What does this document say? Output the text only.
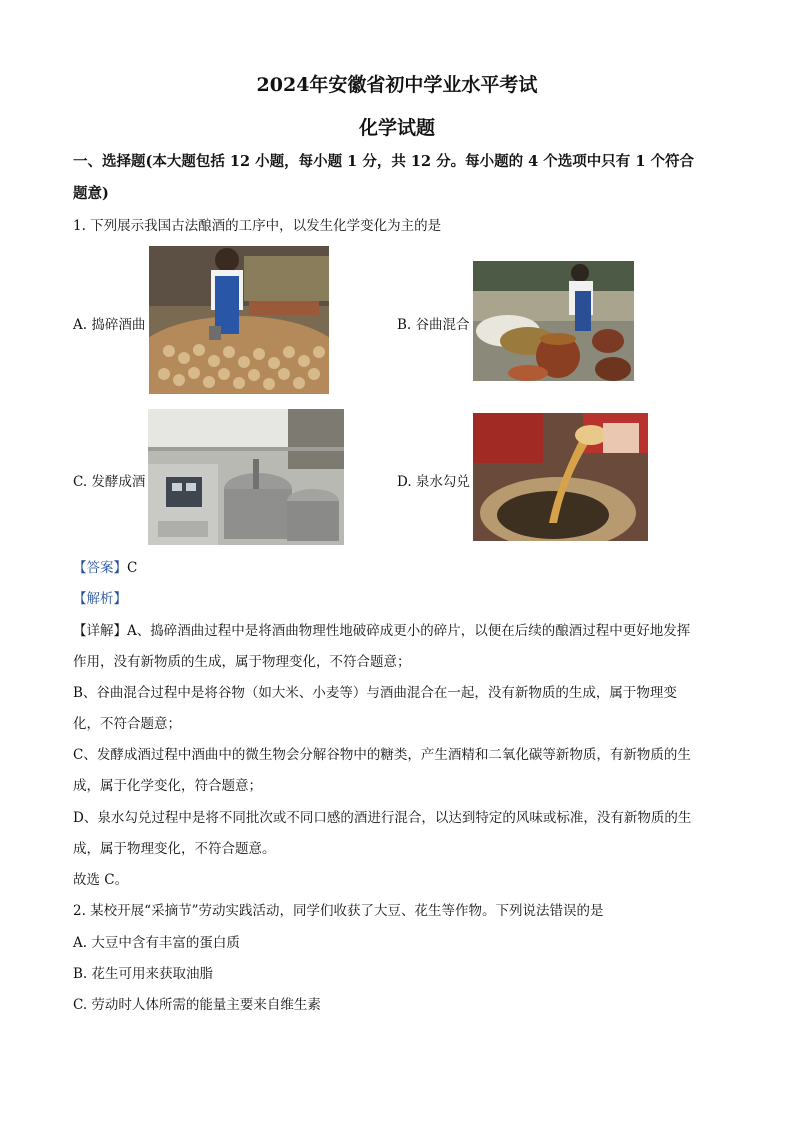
2024年安徽省初中学业水平考试
化学试题
一、选择题(本大题包括 12 小题，每小题 1 分，共 12 分。每小题的 4 个选项中只有 1 个符合
题意)
1. 下列展示我国古法酿酒的工序中，以发生化学变化为主的是
A. 捣碎酒曲	B. 谷曲混合
C. 发酵成酒	D. 泉水勾兑
【答案】C
【解析】
【详解】A、捣碎酒曲过程中是将酒曲物理性地破碎成更小的碎片，以便在后续的酿酒过程中更好地发挥
作用，没有新物质的生成，属于物理变化，不符合题意；
B、谷曲混合过程中是将谷物（如大米、小麦等）与酒曲混合在一起，没有新物质的生成，属于物理变
化，不符合题意；
C、发酵成酒过程中酒曲中的微生物会分解谷物中的糖类，产生酒精和二氧化碳等新物质，有新物质的生
成，属于化学变化，符合题意；
D、泉水勾兑过程中是将不同批次或不同口感的酒进行混合，以达到特定的风味或标准，没有新物质的生
成，属于物理变化，不符合题意。
故选 C。
2. 某校开展“采摘节”劳动实践活动，同学们收获了大豆、花生等作物。下列说法错误的是
A. 大豆中含有丰富的蛋白质
B. 花生可用来获取油脂
C. 劳动时人体所需的能量主要来自维生素
